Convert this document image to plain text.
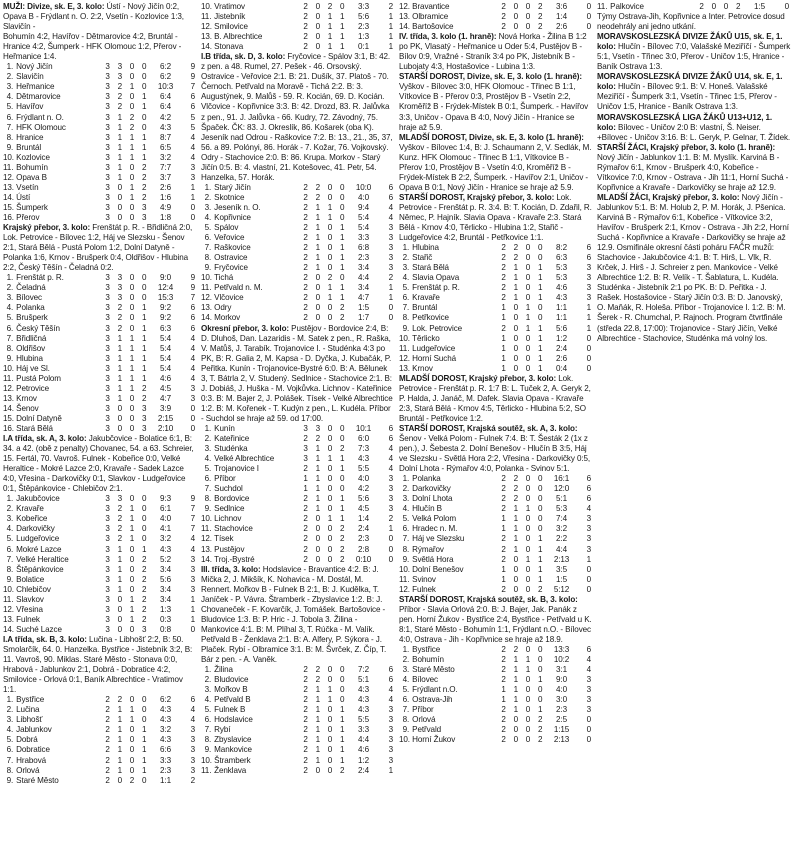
MUŽI: Divize, sk. E, 3. kolo: Ústí - Nový Jičín 0:2, Opava B - Frýdlant n. O. 2:2, Vsetín - Kozlovice 1:3, Slavičín -

Bohumín 4:2, Havířov - Dětmarovice 4:2, Bruntál - Hranice 4:2, Šumperk - HFK Olomouc 1:2, Přerov - Heřmanice 1:4.

1.	Nový Jičín	3	3	0	0	6:2	9
2.	Slavičín	3	3	0	0	6:2	9
3.	Heřmanice	3	2	1	0	10:3	7
4.	Dětmarovice	3	2	0	1	6:4	6
5.	Havířov	3	2	0	1	6:4	6
6.	Frýdlant n. O.	3	1	2	0	4:2	5
7.	HFK Olomouc	3	1	2	0	4:3	5
8.	Hranice	3	1	1	1	8:7	4
9.	Bruntál	3	1	1	1	6:5	4
10.	Kozlovice	3	1	1	1	3:2	4
11.	Bohumín	3	1	0	2	7:7	3
12.	Opava B	3	1	0	2	3:7	3
13.	Vsetín	3	0	1	2	2:6	1
14.	Ústí	3	0	1	2	1:6	1
15.	Šumperk	3	0	0	3	4:9	0
16.	Přerov	3	0	0	3	1:8	0

Krajský přebor, 3. kolo: Frenštát p. R. - Břidličná 2:0, Lok. Petrovice - Bílovec 1:2, Háj ve Slezsku - Šenov 2:1, Stará Bělá - Pustá Polom 1:2, Dolní Datyně - Polanka 1:6, Krnov - Brušperk 0:4, Oldřišov - Hlubina 2:2, Český Těšín - Čeladná 0:2.

1.	Frenštát p. R.	3	3	0	0	9:0	9
2.	Čeladná	3	3	0	0	12:4	9
3.	Bílovec	3	3	0	0	15:3	7
4.	Polanka	3	2	0	1	9:2	6
5.	Brušperk	3	2	0	1	9:2	6
6.	Český Těšín	3	2	0	1	6:3	6
7.	Břidličná	3	1	1	1	5:4	4
8.	Oldřišov	3	1	1	1	5:4	4
9.	Hlubina	3	1	1	1	5:4	4
10.	Háj ve Sl.	3	1	1	1	5:4	4
11.	Pustá Polom	3	1	1	1	4:6	4
12.	Petrovice	3	1	1	2	4:5	3
13.	Krnov	3	1	0	2	4:7	3
14.	Šenov	3	0	0	3	3:9	0
15.	Dolní Datyně	3	0	0	3	2:15	0
16.	Stará Bělá	3	0	0	3	2:10	0

I.A třída, sk. A, 3. kolo: Jakubčovice - Bolatice 6:1, B: 34. a 42. (obě z penalty) Chovanec, 54. a 63. Schreier, 15. Fertál, 70. Vavroš. Fulnek - Kobeřice 0:0, Velké Heraltice - Mokré Lazce 2:0, Kravaře - Sadek Lazce 4:0, Vřesina - Darkovičky 0:1, Slavkov - Ludgeřovice 0:1, Štěpánkovice - Chlebičov 2:1.

1.	Jakubčovice	3	3	0	0	9:3	9
2.	Kravaře	3	2	1	0	6:1	7
3.	Kobeřice	3	2	1	0	4:0	7
4.	Darkovičky	3	2	1	0	4:1	7
5.	Ludgeřovice	3	2	1	0	3:2	4
6.	Mokré Lazce	3	1	0	1	4:3	4
7.	Velké Heraltice	3	1	0	2	5:2	3
8.	Štěpánkovice	3	1	0	2	3:4	3
9.	Bolatice	3	1	0	2	5:6	3
10.	Chlebičov	3	1	0	2	3:4	3
11.	Slavkov	3	0	1	2	3:4	1
12.	Vřesina	3	0	1	2	1:3	1
13.	Fulnek	3	0	1	2	0:3	1
14.	Suché Lazce	3	0	0	3	0:8	0

I.A třída, sk. B, 3. kolo: Lučina - Libhošť 2:2, B: 50. Smolarčík, 64. 0. Hanzelka. Bystřice - Jistebník 3:2, B: 11. Vavroš, 90. Miklas. Staré Město - Stonava 0:0, Hrabová - Jablunkov 2:1, Dobrá - Dobratice 4:2, Smilovice - Orlová 0:1, Baník Albrechtice - Vratimov 1:1.

1.	Bystřice	2	2	0	0	6:2	6
2.	Lučina	2	1	1	0	4:3	4
3.	Libhošť	2	1	1	0	4:3	4
4.	Jablunkov	2	1	0	1	3:2	3
5.	Dobrá	2	1	0	1	4:3	3
6.	Dobratice	2	1	0	1	6:6	3
7.	Hrabová	2	1	0	1	3:3	3
8.	Orlová	2	1	0	1	2:3	3
9.	Staré Město	2	0	2	0	1:1	2
10.	Vratimov	2	0	2	0	3:3	2
11.	Jistebník	2	0	1	1	5:6	1
12.	Smilovice	2	0	1	1	2:3	1
13.	B. Albrechtice	2	0	1	1	1:3	1
14.	Stonava	2	0	1	1	0:1	1

I.B třída, sk. D, 3. kolo: Fryčovice - Spálov 3:1, B: 42. z pen. a 48. Rumel, 27. Pešek - 46. Orsovský. Ostravice - Veřovice 2:1. B: 21. Dušík, 37. Platoš - 70. Černoch. Petřvald na Moravě - Tichá 2:2. B: 3. Augustýnek, 9. Malůš - 59. R. Kocián, 69. D. Kocián. Vlčovice - Kopřivnice 3:3. B: 42. Drozd, 83. R. Jalůvka z pen., 91. J. Jalůvka - 66. Kudry, 72. Závodný, 75. Špaček. ČK: 83. J. Okreslík, 86. Košarek (oba K). Jeseník nad Odrou - Raškovice 7:2. B: 13., 21., 35, 37, 56. a 89. Polónyi, 86. Horák - 7. Kožar, 76. Vojkovský. Odry - Stachovice 2:0. B: 86. Krupa. Morkov - Starý Jičín 0:5. B: 4. vlastní, 21. Kotešovec, 41. Petr, 54. Hanzelka, 57. Horák.

1.	Starý Jičín	2	2	0	0	10:0	6
2.	Skotnice	2	2	0	0	4:0	6
3.	Jeseník n. O.	2	1	1	0	9:4	4
4.	Kopřivnice	2	1	1	0	5:4	4
5.	Spálov	2	1	0	1	5:4	3
6.	Veřovice	2	1	0	1	3:3	3
7.	Raškovice	2	1	0	1	6:8	3
8.	Ostravice	2	1	0	1	2:3	3
9.	Fryčovice	2	1	0	1	3:4	3
10.	Tichá	2	0	2	0	4:4	2
11.	Petřvald n. M.	2	0	1	1	3:4	1
12.	Vlčovice	2	0	1	1	4:7	1
13.	Odry	2	0	0	2	1:5	0
14.	Morkov	2	0	0	2	1:7	0

Okresní přebor, 3. kolo: Pustějov - Bordovice 2:4, B: D. Dluhoš, Dan. Lazaridis - M. Satek z pen., R. Raška, V. Matůš, J. Tarabík. Trojanovice I. - Studénka 4:3 po PK, B: R. Galia 2, M. Kapsa - D. Dyčka, J. Kubačák, P. Peřitka. Kunín - Trojanovice-Bystré 6:0. B: A. Bělunek 3, T. Bátrla 2, V. Studený. Sedlnice - Stachovice 2:1. B: J. Dobiáš, J. Huška - M. Vojkůvka. Lichnov - Kateřinice 0:3. B: M. Bajer 2, J. Polášek. Tísek - Velké Albrechtice 1:2. B: M. Kořenek - T. Kudýn z pen., L. Kudéla. Příbor - Suchdol se hraje až 59. od 17:00.

1.	Kunín	3	3	0	0	10:1	6
2.	Kateřinice	2	2	0	0	6:0	6
3.	Studénka	3	1	0	2	7:3	4
4.	Velké Albrechtice	3	1	1	1	4:3	4
5.	Trojanovice I	2	1	0	1	5:5	4
6.	Příbor	1	1	0	0	4:0	3
7.	Suchdol	1	1	0	0	4:2	3
8.	Bordovice	2	1	0	1	5:6	3
9.	Sedlnice	2	1	0	1	4:5	3
10.	Lichnov	2	0	1	1	1:4	2
11.	Stachovice	2	0	0	2	2:4	1
12.	Tísek	2	0	0	2	2:3	0
13.	Pustějov	2	0	0	2	2:8	0
14.	Troj.-Bystré	2	0	0	2	0:10	0

III. třída, 3. kolo: Hodslavice - Bravantice 4:2. B: J. Mička 2, J. Mikšík, K. Nohavica - M. Dostál, M. Rennert. Mořkov B - Fulnek B 2:1, B: J. Kudělka, T. Janíček - P. Vávra. Štramberk - Zbyslavice 1:2. B: J. Chovaneček - F. Kovarčík, J. Tomášek. Bartošovice - Bludovice 1:3. B: P. Hric - J. Tobola 3. Žilina - Mankovice 4:1. B: M. Plíhal 3, T. Rúčka - M. Valík. Petřvald B - Ženklava 2:1. B: A. Alfery, P. Sýkora - J. Plaček. Rybí - Olbramice 3:1. B: M. Švrček, Z. Číp, T. Bár z pen. - A. Vaněk.

1.	Žilina	2	2	0	0	7:2	6
2.	Bludovice	2	2	0	0	5:1	6
3.	Mořkov B	2	1	1	0	4:3	4
4.	Petřvald B	2	1	1	0	4:3	4
5.	Fulnek B	2	1	0	1	4:3	3
6.	Hodslavice	2	1	0	1	5:5	3
7.	Rybí	2	1	0	1	3:3	3
8.	Zbyslavice	2	1	0	1	4:4	3
9.	Mankovice	2	1	0	1	4:6	3
10.	Štramberk	2	1	0	1	1:2	3
11.	Ženklava	2	0	0	2	2:4	1
12.	Bravantice	2	0	0	2	3:6	0
13.	Olbramice	2	0	0	2	1:4	0
14.	Bartošovice	2	0	0	2	2:6	0

IV. třída, 3. kolo (1. hraně): Nová Horka - Žilina B 1:2 po PK, Vlasatý - Heřmanice u Oder 5:4, Pustějov B - Bílov 0:9, Vražné - Straník 3:4 po PK, Jistebník B - Lubojaty 4:3, Hostašovice - Lubina 1:3.

STARŠÍ DOROST, Divize, sk. E, 3. kolo (1. hraně): Vyškov - Bílovec 3:0, HFK Olomouc - Třinec B 1:1, Vítkovice B - Přerov 0:3, Prostějov B - Vsetín 2:2, Kroměříž B - Frýdek-Místek B 0:1, Šumperk. - Havířov 3:3, Uničov - Opava B 4:0, Nový Jičín - Hranice se hraje až 5.9.

MLADŠÍ DOROST, Divize, sk. E, 3. kolo (1. hraně): Vyškov - Bílovec 1:4, B: J. Schaumann 2, V. Sedlák, M. Kunz. HFK Olomouc - Třinec B 1:1, Vítkovice B - Přerov 1:0, Prostějov B - Vsetín 4:0, Kroměříž B - Frýdek-Místek B 2:2, Šumperk. - Havířov 2:1, Uničov - Opava B 0:1, Nový Jičín - Hranice se hraje až 5.9.

STARŠÍ DOROST, Krajský přebor, 3. kolo: Lok. Petrovice - Frenštát p. R. 3:4. B: T. Kocián, D. Zdařil, R. Němec, P. Hajník. Slavia Opava - Kravaře 2:3. Stará Bělá - Krnov 4:0, Těrlicko - Hlubina 1:2, Stařič - Ludgeřovice 4:2, Bruntál - Petřkovice 1:1.

1.	Hlubina	2	2	0	0	8:2	6
2.	Stařič	2	2	0	0	6:3	6
3.	Stará Bělá	2	1	0	1	5:3	3
4.	Slavia Opava	2	1	0	1	5:3	3
5.	Frenštát p. R.	2	1	0	1	4:6	3
6.	Kravaře	2	1	0	1	4:3	3
7.	Bruntál	1	0	1	0	1:1	1
8.	Petřkovice	1	0	1	0	1:1	1
9.	Lok. Petrovice	2	0	1	1	5:6	1
10.	Těrlicko	1	0	0	1	1:2	0
11.	Ludgeřovice	1	0	0	1	2:4	0
12.	Horní Suchá	1	0	0	1	2:6	0
13.	Krnov	1	0	0	1	0:4	0

MLADŠÍ DOROST, Krajský přebor, 3. kolo: Lok. Petrovice - Frenštát p. R. 1:7 B: L. Tuček 2, A. Geryk 2, P. Halda, J. Janáč, M. Dafek. Slavia Opava - Kravaře 2:3, Stará Bělá - Krnov 4:5, Těrlicko - Hlubina 5:2, SO Bruntál - Petřkovice 1:2.

STARŠÍ DOROST, Krajská soutěž, sk. A, 3. kolo: Šenov - Velká Polom - Fulnek 7:4. B: T. Šesták 2 (1x z pen.), J. Šebesta 2. Dolní Benešov - Hlučín B 3:5, Háj ve Slezsku - Světlá Hora 2:2, Vřesina - Darkovičky 0:5, Dolní Lhota - Rýmařov 4:0, Polanka - Svinov 5:1.

1.	Polanka	2	2	0	0	16:1	6
2.	Darkovičky	2	2	0	0	12:0	6
3.	Dolní Lhota	2	2	0	0	5:1	6
4.	Hlučín B	2	1	1	0	5:3	4
5.	Velká Polom	1	1	0	0	7:4	3
6.	Hradec n. M.	1	1	0	0	3:2	3
7.	Háj ve Slezsku	2	1	0	1	2:2	3
8.	Rýmařov	2	1	0	1	4:4	3
9.	Světlá Hora	2	0	1	1	2:13	1
10.	Dolní Benešov	1	0	0	1	3:5	0
11.	Svinov	1	0	0	1	1:5	0
12.	Fulnek	2	0	0	2	5:12	0

STARŠÍ DOROST, Krajská soutěž, sk. B, 3. kolo: Příbor - Slavia Orlová 2:0. B: J. Bajer, Jak. Panák z pen. Horní Žukov - Bystřice 2:4, Bystřice - Petřvald u K. 8:1, Staré Město - Bohumín 1:1, Frýdlant n.O. - Bílovec 4:0, Ostrava - Jih - Kopřivnice se hraje až 18.9.

1.	Bystřice	2	2	0	0	13:3	6
2.	Bohumín	2	1	1	0	10:2	4
3.	Staré Město	2	1	1	0	3:1	4
4.	Bílovec	2	1	0	1	9:0	3
5.	Frýdlant n.O.	1	1	0	0	4:0	3
6.	Ostrava-Jih	1	1	0	0	3:0	3
7.	Příbor	2	1	0	1	2:3	3
8.	Orlová	2	0	0	2	2:5	0
9.	Petřvald	2	0	0	2	1:15	0
10.	Horní Žukov	2	0	0	2	2:13	0
11.	Palkovice	2	0	0	2	1:5	0

Týmy Ostrava-Jih, Kopřivnice a Inter. Petrovice dosud neodehrály ani jedno utkání.

MORAVSKOSLEZSKÁ DIVIZE ŽÁKŮ U15, sk. E, 1. kolo: Hlučín - Bílovec 7:0, Valašské Meziříčí - Šumperk 5:1, Vsetín - Třinec 3:0, Přerov - Uničov 1:5, Hranice - Baník Ostrava 1:3.

MORAVSKOSLEZSKÁ DIVIZE ŽÁKŮ U14, sk. E, 1. kolo: Hlučín - Bílovec 9:1. B: V. Honeš. Valašské Meziříčí - Šumperk 3:1, Vsetín - Třinec 1:5, Přerov - Uničov 1:5, Hranice - Baník Ostrava 1:3.

MORAVSKOSLEZSKÁ LIGA ŽÁKŮ U13+U12, 1. kolo: Bílovec - Uničov 2:0 B: vlastní, Š. Neiser. +Bílovec - Uničov 3:16. B: L. Geryk, P. Gelnar, T. Žídek.

STARŠÍ ŽÁCI, Krajský přebor, 3. kolo (1. hraně): Nový Jičín - Jablunkov 1:1. B: M. Myslík. Karviná B - Rýmařov 6:1, Krnov - Brušperk 4:0, Kobeřice - Vítkovice 7:0, Krnov - Ostrava - Jih 11:1, Horní Suchá - Kopřivnice a Kravaře - Darkovičky se hraje až 12.9.

MLADŠÍ ŽÁCI, Krajský přebor, 3. kolo: Nový Jičín - Jablunkov 5:1. B: M. Holub 2, P. M. Horák, J. Pšenica. Karviná B - Rýmařov 6:1, Kobeřice - Vítkovice 3:2, Havířov - Brušperk 2:1, Krnov - Ostrava - Jih 2:2, Horní Suchá - Kopřivnice a Kravaře - Darkovičky se hraje až 12.9. Osmifinále okresní části poháru FAČR mužů: Stachovice - Jakubčovice 4:1. B: T. Hirš, L. Vlk, R. Krček, J. Hirš - J. Schreier z pen. Mankovice - Velké Albrechtice 1:2. B: R. Velík - T. Šablatura, L. Kudéla. Studénka - Jistebník 2:1 po PK. B: D. Peřitka - J. Rašek. Hostašovice - Starý Jičín 0:3. B: D. Janovský, O. Maňák, R. Holeša. Příbor - Trojanovice I. 1:2. B: M. Šerek - R. Chumchal, P. Rajnoch. Program čtvrtfinále (středa 22.8, 17:00): Trojanovice - Starý Jičín, Velké Albrechtice - Stachovice, Studénka má volný los.
